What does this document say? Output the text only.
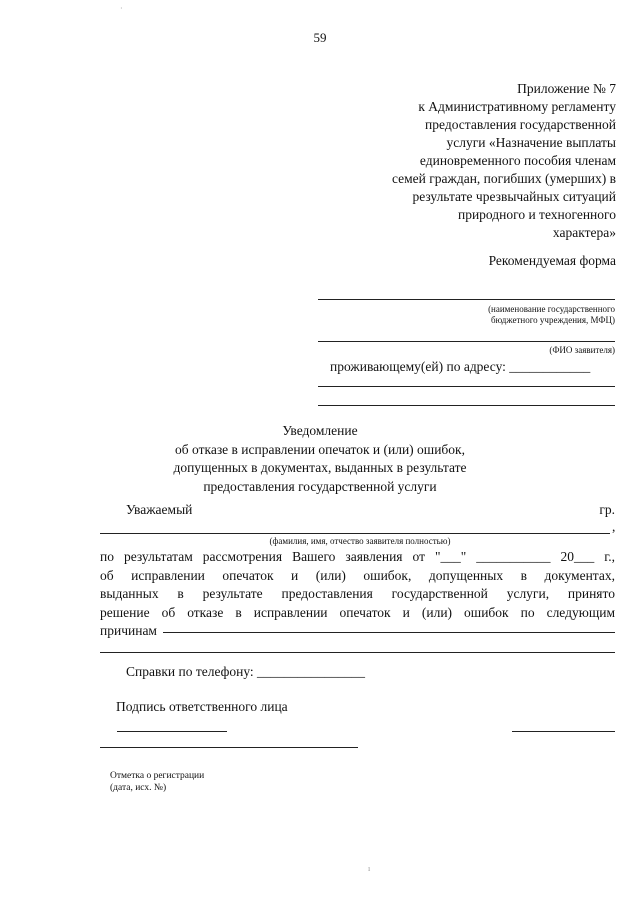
·
59
Приложение № 7
к Административному регламенту
предоставления государственной
услуги «Назначение выплаты
единовременного пособия членам
семей граждан, погибших (умерших) в
результате чрезвычайных ситуаций
природного и техногенного
характера»
Рекомендуемая форма
(наименование государственного
бюджетного учреждения, МФЦ)
(ФИО заявителя)
проживающему(ей) по адресу: ____________
Уведомление
об отказе в исправлении опечаток и (или) ошибок,
допущенных в документах, выданных в результате
предоставления государственной услуги
Уважаемый	гр.
,
(фамилия, имя, отчество заявителя полностью)
по результатам рассмотрения Вашего заявления от "___" ___________ 20___ г.,
об исправлении опечаток и (или) ошибок, допущенных в документах,
выданных в результате предоставления государственной услуги, принято
решение об отказе в исправлении опечаток и (или) ошибок по следующим
причинам
Справки по телефону: ________________
Подпись ответственного лица
Отметка о регистрации
(дата, исх. №)
ı
